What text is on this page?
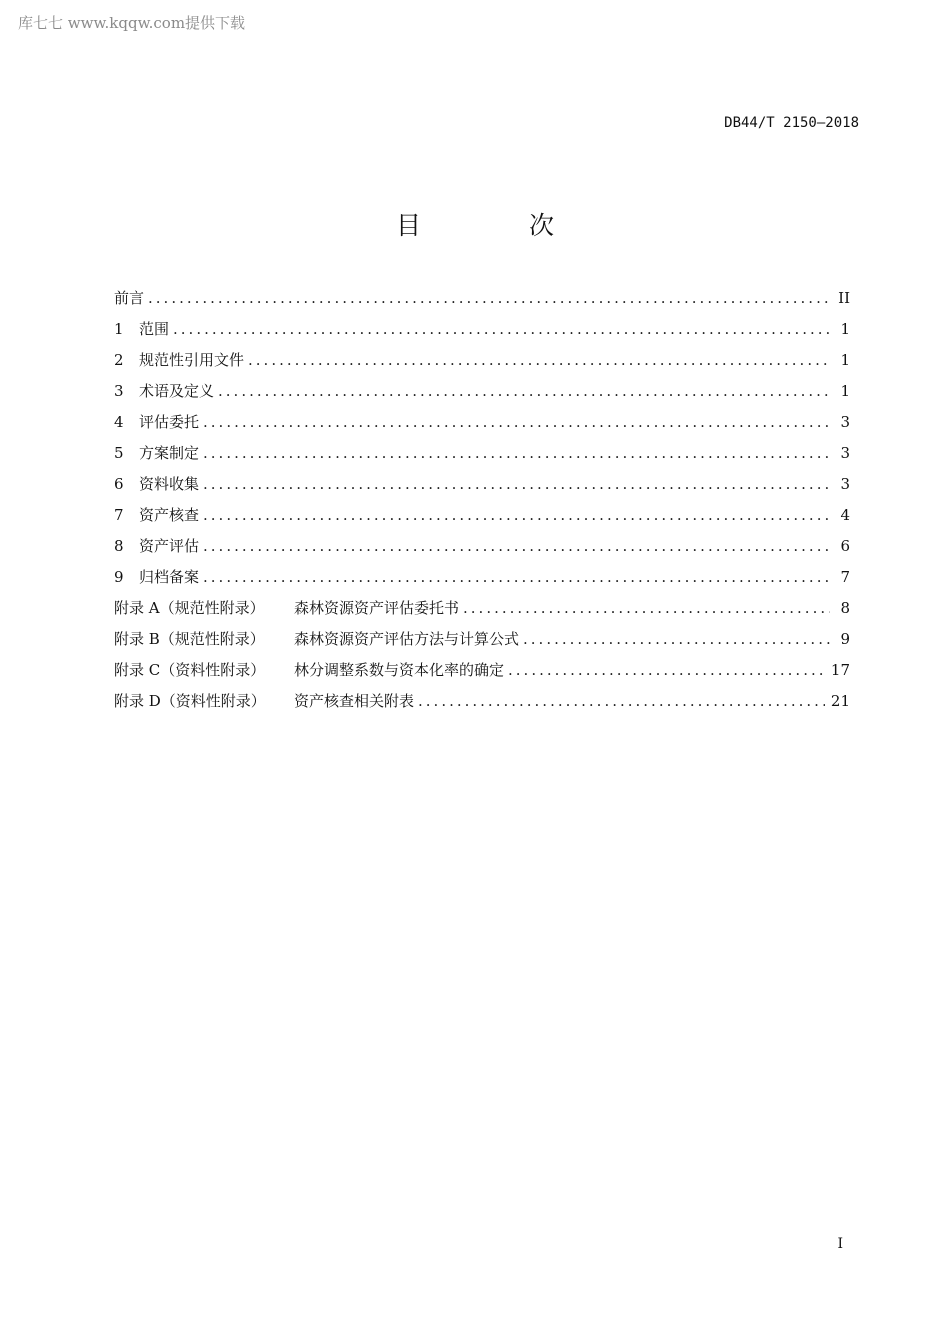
库七七 www.kqqw.com提供下载
DB44/T 2150—2018
目 次
前言 .....	II
1	范围 .....	1
2	规范性引用文件 .....	1
3	术语及定义 .....	1
4	评估委托 .....	3
5	方案制定 .....	3
6	资料收集 .....	3
7	资产核查 .....	4
8	资产评估 .....	6
9	归档备案 .....	7
附录 A（规范性附录）	森林资源资产评估委托书 .....	8
附录 B（规范性附录）	森林资源资产评估方法与计算公式 .....	9
附录 C（资料性附录）	林分调整系数与资本化率的确定 .....	17
附录 D（资料性附录）	资产核查相关附表 .....	21
I
